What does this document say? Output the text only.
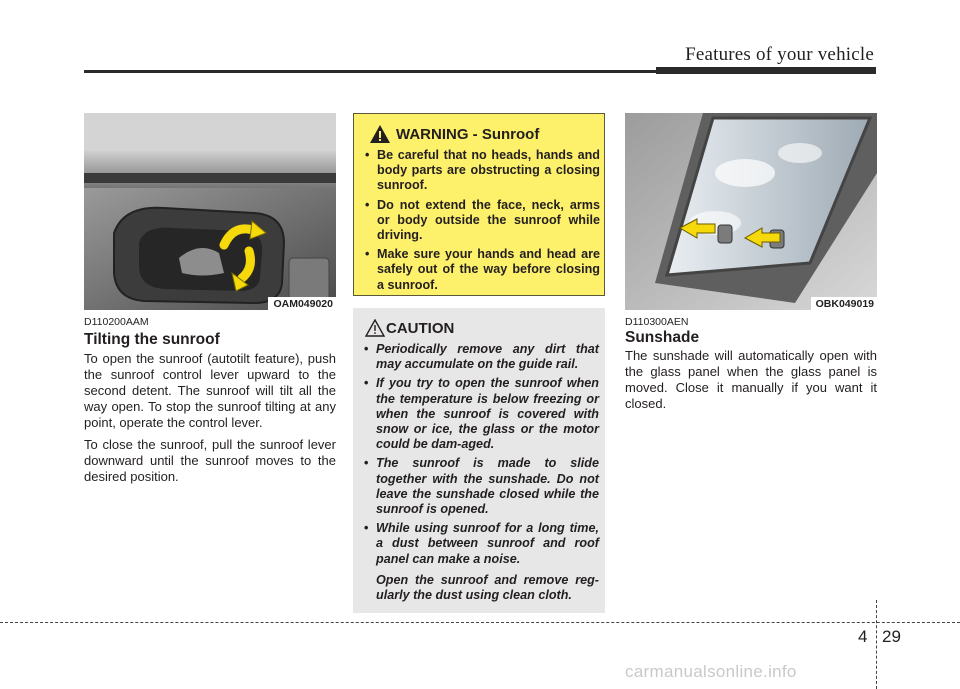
Features of your vehicle
OAM049020
D110200AAM
Tilting the sunroof

To open the sunroof (autotilt feature), push the sunroof control lever upward to the second detent. The sunroof will tilt all the way open. To stop the sunroof tilting at any point, operate the control lever.

To close the sunroof, pull the sunroof lever downward until the sunroof moves to the desired position.

WARNING - Sunroof
• Be careful that no heads, hands and body parts are obstructing a closing sunroof.
• Do not extend the face, neck, arms or body outside the sunroof while driving.
• Make sure your hands and head are safely out of the way before closing a sunroof.
CAUTION
• Periodically remove any dirt that may accumulate on the guide rail.
• If you try to open the sunroof when the temperature is below freezing or when the sunroof is covered with snow or ice, the glass or the motor could be dam-aged.
• The sunroof is made to slide together with the sunshade. Do not leave the sunshade closed while the sunroof is opened.
• While using sunroof for a long time, a dust between sunroof and roof panel can make a noise.
Open the sunroof and remove reg-ularly the dust using clean cloth.
OBK049019
D110300AEN
Sunshade

The sunshade will automatically open with the glass panel when the glass panel is moved. Close it manually if you want it closed.

4 29
carmanualsonline.info
